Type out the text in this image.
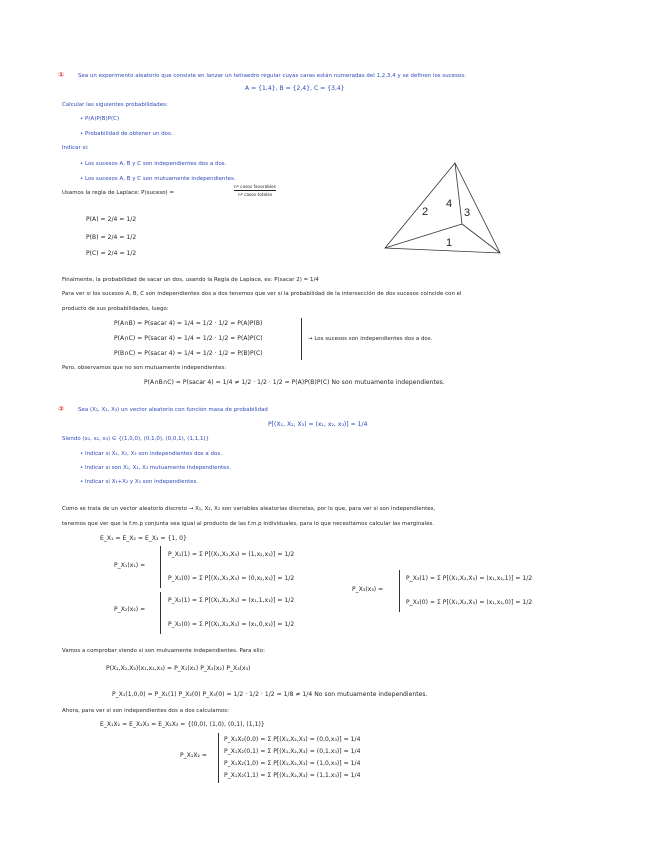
①	Sea un experimento aleatorio que consiste en lanzar un tetraedro regular cuyas caras están numeradas del 1,2,3,4 y se definen los sucesos:
A = {1,4}, B = {2,4}, C = {3,4}
Calcular las siguientes probabilidades:
• P(A)P(B)P(C)
• Probabilidad de obtener un dos.
Indicar si:
• Los sucesos A, B y C son independientes dos a dos.
• Los sucesos A, B y C son mutuamente independientes.
Usamos la regla de Laplace: P(suceso) =
nº casos favorables
nº casos totales
P(A) = 2/4 = 1/2
P(B) = 2/4 = 1/2
P(C) = 2/4 = 1/2
2
4
3
1
Finalmente, la probabilidad de sacar un dos, usando la Regla de Laplace, es: P(sacar 2) = 1/4
Para ver si los sucesos A, B, C son independientes dos a dos tenemos que ver si la probabilidad de la intersección de dos sucesos coincide con el
producto de sus probabilidades, luego:
P(A∩B) = P(sacar 4) = 1/4 = 1/2 · 1/2 = P(A)P(B)
P(A∩C) = P(sacar 4) = 1/4 = 1/2 · 1/2 = P(A)P(C)
P(B∩C) = P(sacar 4) = 1/4 = 1/2 · 1/2 = P(B)P(C)
→ Los sucesos son independientes dos a dos.
Pero, observamos que no son mutuamente independientes:
P(A∩B∩C) = P(sacar 4) = 1/4 ≠ 1/2 · 1/2 · 1/2 = P(A)P(B)P(C) No son mutuamente independientes.
②	Sea (X₁, X₂, X₃) un vector aleatorio con función masa de probabilidad
P[(X₁, X₂, X₃) = (x₁, x₂, x₃)] = 1/4
Siendo (x₁, x₂, x₃) ∈ {(1,0,0), (0,1,0), (0,0,1), (1,1,1)}
• Indicar si X₁, X₂, X₃ son independientes dos a dos.
• Indicar si son X₁, X₂, X₃ mutuamente independientes.
• Indicar si X₁+X₂ y X₃ son independientes.
Como se trata de un vector aleatorio discreto → X₁, X₂, X₃ son variables aleatorias discretas, por lo que, para ver si son independientes,
tenemos que ver que la f.m.p conjunta sea igual al producto de las f.m.p individuales, para lo que necesitamos calcular las marginales.
E_X₁ = E_X₂ = E_X₃ = {1, 0}
P_X₁(x₁) =
P_X₁(1) = Σ P[(X₁,X₂,X₃) = (1,x₂,x₃)] = 1/2
P_X₁(0) = Σ P[(X₁,X₂,X₃) = (0,x₂,x₃)] = 1/2
P_X₃(x₃) =
P_X₃(1) = Σ P[(X₁,X₂,X₃) = (x₁,x₂,1)] = 1/2
P_X₃(0) = Σ P[(X₁,X₂,X₃) = (x₁,x₂,0)] = 1/2
P_X₂(x₂) =
P_X₂(1) = Σ P[(X₁,X₂,X₃) = (x₁,1,x₃)] = 1/2
P_X₂(0) = Σ P[(X₁,X₂,X₃) = (x₁,0,x₃)] = 1/2
Vamos a comprobar viendo si son mutuamente independientes. Para ello:
P(X₁,X₂,X₃)(x₁,x₂,x₃) = P_X₁(x₁) P_X₂(x₂) P_X₃(x₃)
P_X₁(1,0,0) = P_X₁(1) P_X₂(0) P_X₃(0) = 1/2 · 1/2 · 1/2 = 1/8 ≠ 1/4 No son mutuamente independientes.
Ahora, para ver si son independientes dos a dos calculamos:
E_X₁X₂ = E_X₁X₃ = E_X₂X₃ = {(0,0), (1,0), (0,1), (1,1)}
P_X₁X₂ =
P_X₁X₂(0,0) = Σ P[(X₁,X₂,X₃) = (0,0,x₃)] = 1/4
P_X₁X₂(0,1) = Σ P[(X₁,X₂,X₃) = (0,1,x₃)] = 1/4
P_X₁X₂(1,0) = Σ P[(X₁,X₂,X₃) = (1,0,x₃)] = 1/4
P_X₁X₂(1,1) = Σ P[(X₁,X₂,X₃) = (1,1,x₃)] = 1/4
